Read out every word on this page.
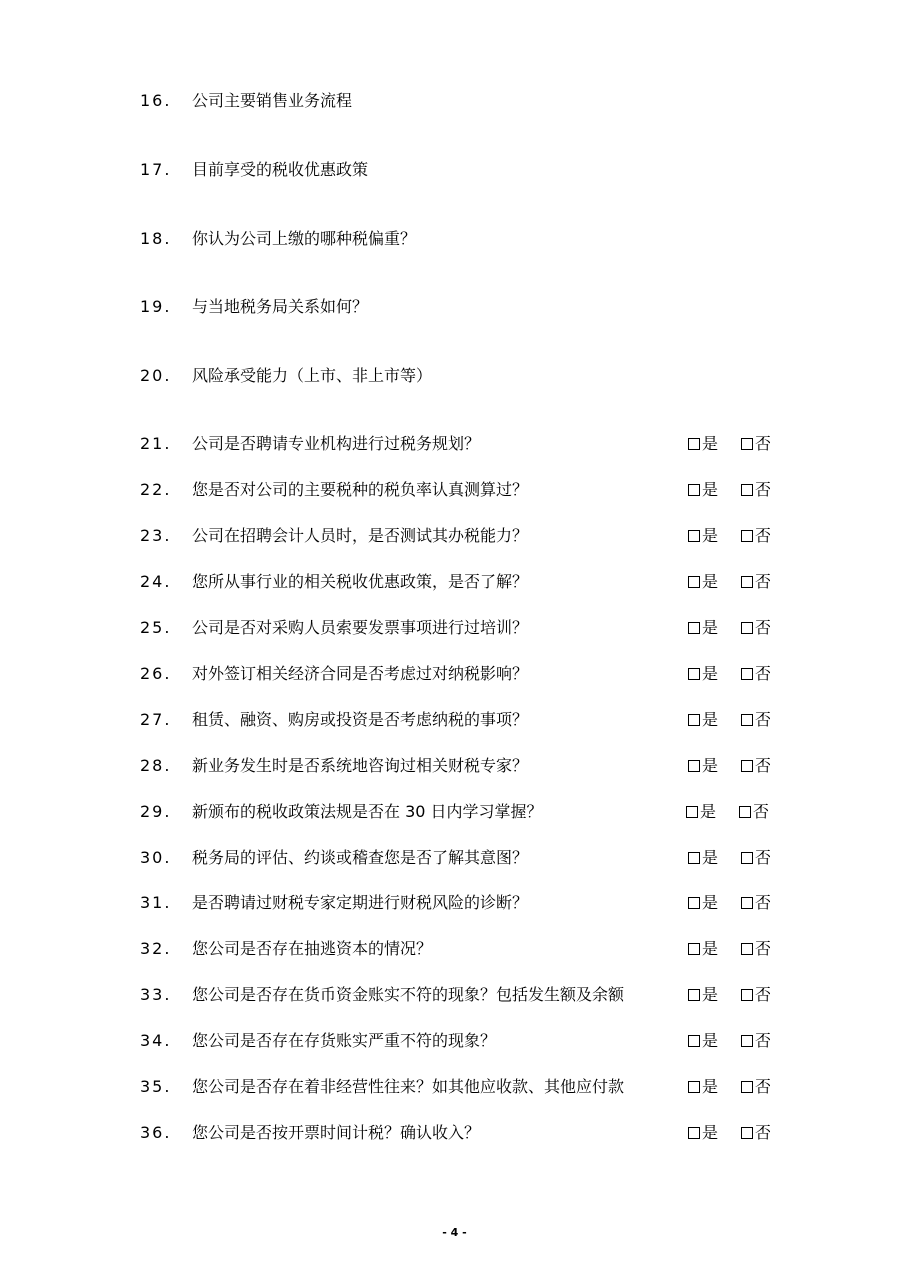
16. 公司主要销售业务流程
17. 目前享受的税收优惠政策
18. 你认为公司上缴的哪种税偏重？
19. 与当地税务局关系如何？
20. 风险承受能力（上市、非上市等）
21. 公司是否聘请专业机构进行过税务规划？	是	否
22. 您是否对公司的主要税种的税负率认真测算过？	是	否
23. 公司在招聘会计人员时，是否测试其办税能力？	是	否
24. 您所从事行业的相关税收优惠政策，是否了解？	是	否
25. 公司是否对采购人员索要发票事项进行过培训？	是	否
26. 对外签订相关经济合同是否考虑过对纳税影响？	是	否
27. 租赁、融资、购房或投资是否考虑纳税的事项？	是	否
28. 新业务发生时是否系统地咨询过相关财税专家？	是	否
29. 新颁布的税收政策法规是否在 30 日内学习掌握？	是	否
30. 税务局的评估、约谈或稽查您是否了解其意图？	是	否
31. 是否聘请过财税专家定期进行财税风险的诊断？	是	否
32. 您公司是否存在抽逃资本的情况？	是	否
33. 您公司是否存在货币资金账实不符的现象？包括发生额及余额	是	否
34. 您公司是否存在存货账实严重不符的现象？	是	否
35. 您公司是否存在着非经营性往来？如其他应收款、其他应付款	是	否
36. 您公司是否按开票时间计税？确认收入？	是	否
- 4 -
